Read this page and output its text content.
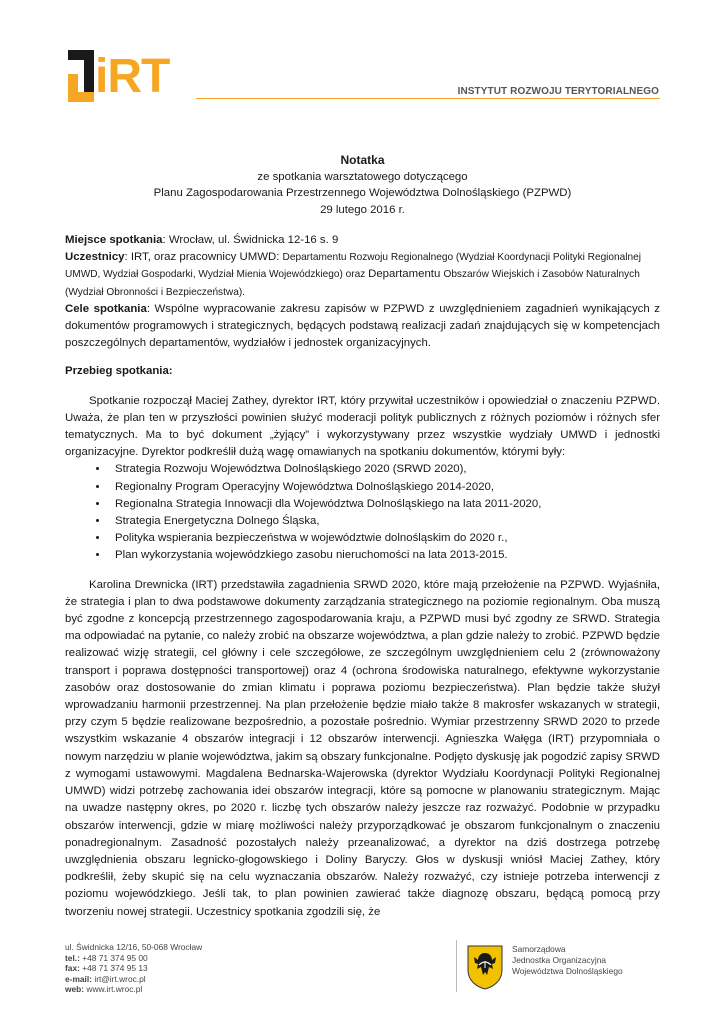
iRT	INSTYTUT ROZWOJU TERYTORIALNEGO
Notatka
ze spotkania warsztatowego dotyczącego
Planu Zagospodarowania Przestrzennego Województwa Dolnośląskiego (PZPWD)
29 lutego 2016 r.

Miejsce spotkania: Wrocław, ul. Świdnicka 12-16 s. 9

Uczestnicy: IRT, oraz pracownicy UMWD: Departamentu Rozwoju Regionalnego (Wydział Koordynacji Polityki Regionalnej UMWD, Wydział Gospodarki, Wydział Mienia Wojewódzkiego) oraz Departamentu Obszarów Wiejskich i Zasobów Naturalnych (Wydział Obronności i Bezpieczeństwa).

Cele spotkania: Wspólne wypracowanie zakresu zapisów w PZPWD z uwzględnieniem zagadnień wynikających z dokumentów programowych i strategicznych, będących podstawą realizacji zadań znajdujących się w kompetencjach poszczególnych departamentów, wydziałów i jednostek organizacyjnych.

Przebieg spotkania:

Spotkanie rozpoczął Maciej Zathey, dyrektor IRT, który przywitał uczestników i opowiedział o znaczeniu PZPWD. Uważa, że plan ten w przyszłości powinien służyć moderacji polityk publicznych z różnych poziomów i różnych sfer tematycznych. Ma to być dokument „żyjący” i wykorzystywany przez wszystkie wydziały UMWD i jednostki organizacyjne. Dyrektor podkreślił dużą wagę omawianych na spotkaniu dokumentów, którymi były:

• Strategia Rozwoju Województwa Dolnośląskiego 2020 (SRWD 2020),
• Regionalny Program Operacyjny Województwa Dolnośląskiego 2014-2020,
• Regionalna Strategia Innowacji dla Województwa Dolnośląskiego na lata 2011-2020,
• Strategia Energetyczna Dolnego Śląska,
• Polityka wspierania bezpieczeństwa w województwie dolnośląskim do 2020 r.,
• Plan wykorzystania wojewódzkiego zasobu nieruchomości na lata 2013-2015.

Karolina Drewnicka (IRT) przedstawiła zagadnienia SRWD 2020, które mają przełożenie na PZPWD. Wyjaśniła, że strategia i plan to dwa podstawowe dokumenty zarządzania strategicznego na poziomie regionalnym. Oba muszą być zgodne z koncepcją przestrzennego zagospodarowania kraju, a PZPWD musi być zgodny ze SRWD. Strategia ma odpowiadać na pytanie, co należy zrobić na obszarze województwa, a plan gdzie należy to zrobić. PZPWD będzie realizować wizję strategii, cel główny i cele szczegółowe, ze szczególnym uwzględnieniem celu 2 (zrównoważony transport i poprawa dostępności transportowej) oraz 4 (ochrona środowiska naturalnego, efektywne wykorzystanie zasobów oraz dostosowanie do zmian klimatu i poprawa poziomu bezpieczeństwa). Plan będzie także służył wprowadzaniu harmonii przestrzennej. Na plan przełożenie będzie miało także 8 makrosfer wskazanych w strategii, przy czym 5 będzie realizowane bezpośrednio, a pozostałe pośrednio. Wymiar przestrzenny SRWD 2020 to przede wszystkim wskazanie 4 obszarów integracji i 12 obszarów interwencji. Agnieszka Wałęga (IRT) przypomniała o nowym narzędziu w planie województwa, jakim są obszary funkcjonalne. Podjęto dyskusję jak pogodzić zapisy SRWD z wymogami ustawowymi. Magdalena Bednarska-Wajerowska (dyrektor Wydziału Koordynacji Polityki Regionalnej UMWD) widzi potrzebę zachowania idei obszarów integracji, które są pomocne w planowaniu strategicznym. Mając na uwadze następny okres, po 2020 r. liczbę tych obszarów należy jeszcze raz rozważyć. Podobnie w przypadku obszarów interwencji, gdzie w miarę możliwości należy przyporządkować je obszarom funkcjonalnym o znaczeniu ponadregionalnym. Zasadność pozostałych należy przeanalizować, a dyrektor na dziś dostrzega potrzebę uwzględnienia obszaru legnicko-głogowskiego i Doliny Baryczy. Głos w dyskusji wniósł Maciej Zathey, który podkreślił, żeby skupić się na celu wyznaczania obszarów. Należy rozważyć, czy istnieje potrzeba interwencji z poziomu wojewódzkiego. Jeśli tak, to plan powinien zawierać także diagnozę obszaru, będącą pomocą przy tworzeniu nowej strategii. Uczestnicy spotkania zgodzili się, że

ul. Świdnicka 12/16, 50-068 Wrocław
tel.: +48 71 374 95 00
fax: +48 71 374 95 13
e-mail: irt@irt.wroc.pl
web: www.irt.wroc.pl
Samorządowa
Jednostka Organizacyjna
Województwa Dolnośląskiego
